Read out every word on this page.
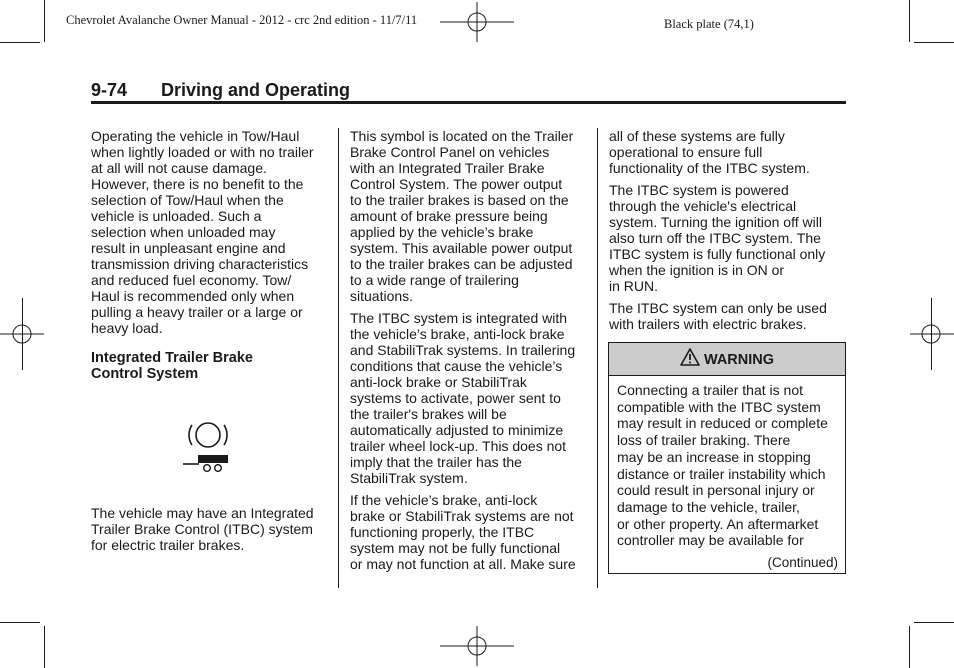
Chevrolet Avalanche Owner Manual - 2012 - crc 2nd edition - 11/7/11	Black plate (74,1)
9-74 Driving and Operating

Operating the vehicle in Tow/Haul
when lightly loaded or with no trailer
at all will not cause damage.
However, there is no benefit to the
selection of Tow/Haul when the
vehicle is unloaded. Such a
selection when unloaded may
result in unpleasant engine and
transmission driving characteristics
and reduced fuel economy. Tow/
Haul is recommended only when
pulling a heavy trailer or a large or
heavy load.

Integrated Trailer Brake
Control System

The vehicle may have an Integrated
Trailer Brake Control (ITBC) system
for electric trailer brakes.

This symbol is located on the Trailer
Brake Control Panel on vehicles
with an Integrated Trailer Brake
Control System. The power output
to the trailer brakes is based on the
amount of brake pressure being
applied by the vehicle’s brake
system. This available power output
to the trailer brakes can be adjusted
to a wide range of trailering
situations.

The ITBC system is integrated with
the vehicle’s brake, anti-lock brake
and StabiliTrak systems. In trailering
conditions that cause the vehicle’s
anti-lock brake or StabiliTrak
systems to activate, power sent to
the trailer's brakes will be
automatically adjusted to minimize
trailer wheel lock-up. This does not
imply that the trailer has the
StabiliTrak system.

If the vehicle’s brake, anti-lock
brake or StabiliTrak systems are not
functioning properly, the ITBC
system may not be fully functional
or may not function at all. Make sure

all of these systems are fully
operational to ensure full
functionality of the ITBC system.

The ITBC system is powered
through the vehicle's electrical
system. Turning the ignition off will
also turn off the ITBC system. The
ITBC system is fully functional only
when the ignition is in ON or
in RUN.

The ITBC system can only be used
with trailers with electric brakes.

WARNING
Connecting a trailer that is not
compatible with the ITBC system
may result in reduced or complete
loss of trailer braking. There
may be an increase in stopping
distance or trailer instability which
could result in personal injury or
damage to the vehicle, trailer,
or other property. An aftermarket
controller may be available for
(Continued)
